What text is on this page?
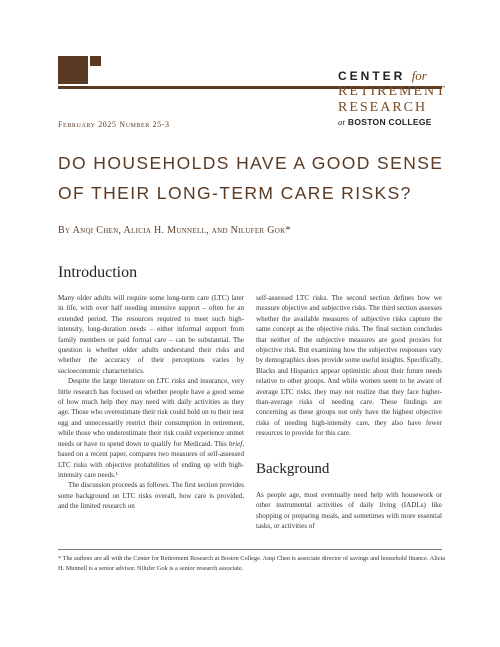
CENTER for
RETIREMENT
RESEARCH
at BOSTON COLLEGE
February 2025 Number 25-3
DO HOUSEHOLDS HAVE A GOOD SENSE
OF THEIR LONG-TERM CARE RISKS?
By Anqi Chen, Alicia H. Munnell, and Nilufer Gok*
Introduction

Many older adults will require some long-term care (LTC) later in life, with over half needing intensive support – often for an extended period. The resources required to meet such high-intensity, long-duration needs – either informal support from family members or paid formal care – can be substantial. The question is whether older adults understand their risks and whether the accuracy of their perceptions varies by socioeconomic characteristics.

Despite the large literature on LTC risks and insurance, very little research has focused on whether people have a good sense of how much help they may need with daily activities as they age. Those who overestimate their risk could hold on to their nest egg and unnecessarily restrict their consumption in retirement, while those who underestimate their risk could experience unmet needs or have to spend down to qualify for Medicaid. This brief, based on a recent paper, compares two measures of self-assessed LTC risks with objective probabilities of ending up with high-intensity care needs.¹

The discussion proceeds as follows. The first section provides some background on LTC risks overall, how care is provided, and the limited research on

self-assessed LTC risks. The second section defines how we measure objective and subjective risks. The third section assesses whether the available measures of subjective risks capture the same concept as the objective risks. The final section concludes that neither of the subjective measures are good proxies for objective risk. But examining how the subjective responses vary by demographics does provide some useful insights. Specifically, Blacks and Hispanics appear optimistic about their future needs relative to other groups. And while women seem to be aware of average LTC risks, they may not realize that they face higher-than-average risks of needing care. These findings are concerning as these groups not only have the highest objective risks of needing high-intensity care, they also have fewer resources to provide for this care.

Background

As people age, most eventually need help with housework or other instrumental activities of daily living (IADLs) like shopping or preparing meals, and sometimes with more essential tasks, or activities of

* The authors are all with the Center for Retirement Research at Boston College. Anqi Chen is associate director of savings and household finance. Alicia H. Munnell is a senior advisor. Nilufer Gok is a senior research associate.
